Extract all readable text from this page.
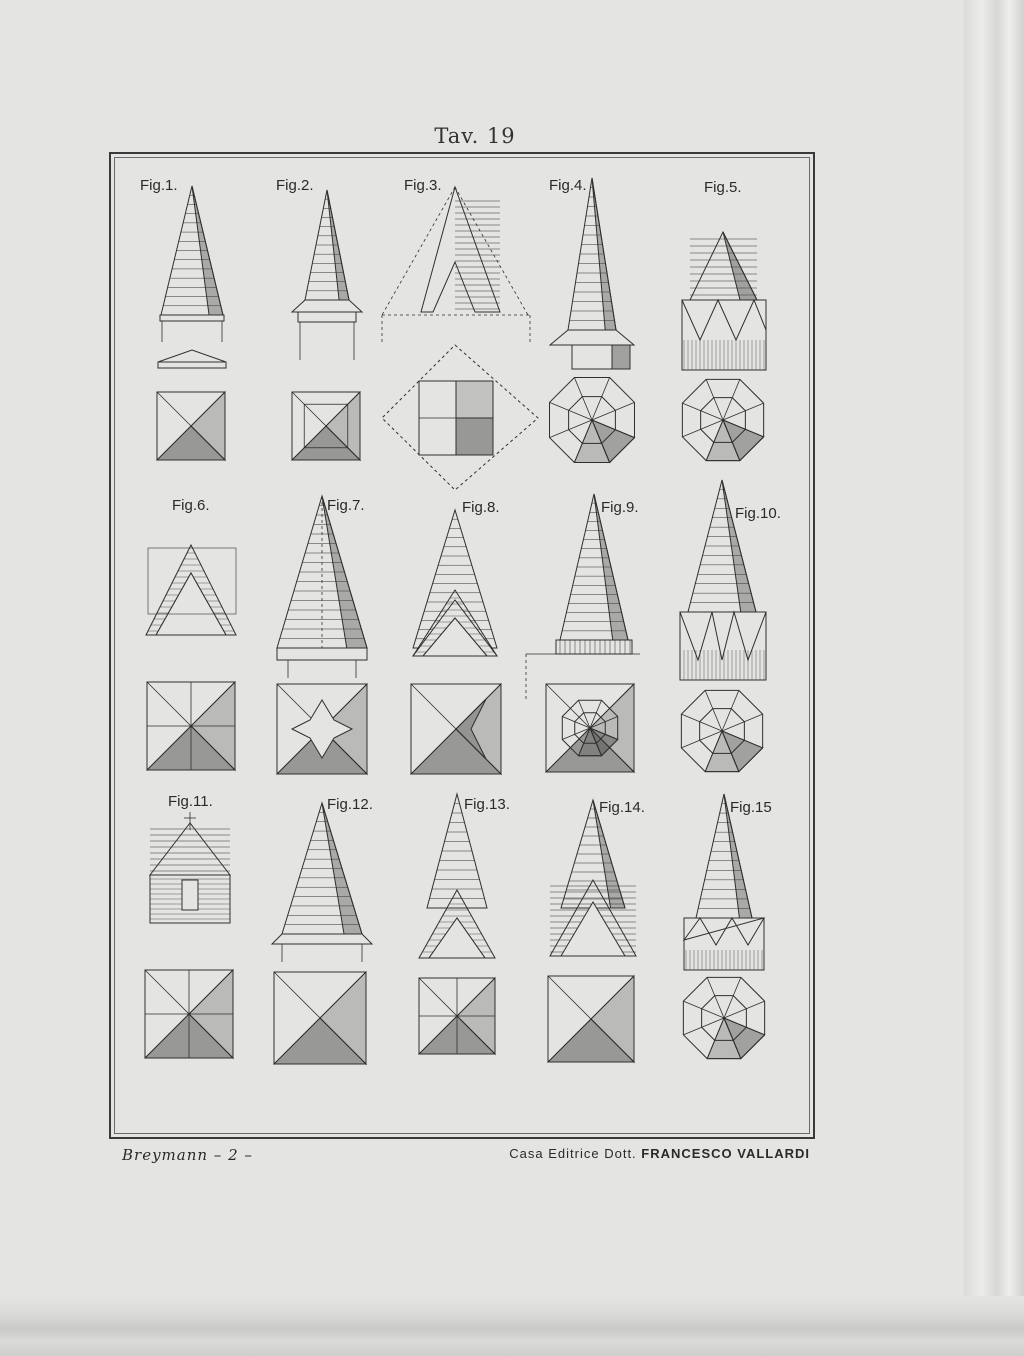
Tav. 19
Fig.1.	Fig.2.	Fig.3.	Fig.4.	Fig.5.
Fig.6.	Fig.7.	Fig.8.	Fig.9.	Fig.10.
Fig.11.	Fig.12.	Fig.13.	Fig.14.	Fig.15
Breymann – 2 –	Casa Editrice Dott. FRANCESCO VALLARDI
